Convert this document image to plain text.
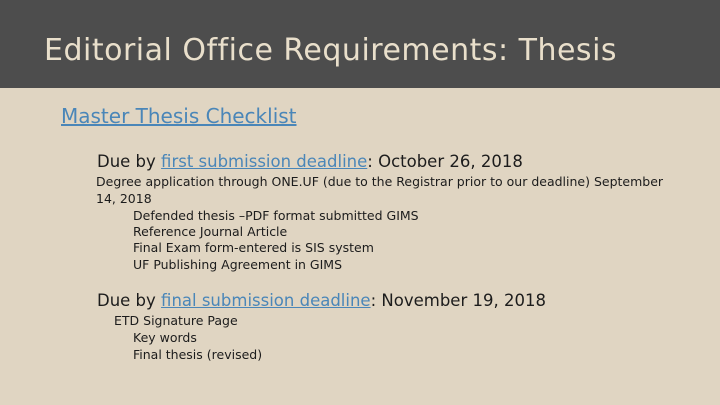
Editorial Office Requirements: Thesis
Master Thesis Checklist
Due by first submission deadline: October 26, 2018
Degree application through ONE.UF (due to the Registrar prior to our deadline) September
14, 2018
Defended thesis –PDF format submitted GIMS
Reference Journal Article
Final Exam form-entered is SIS system
UF Publishing Agreement in GIMS
Due by final submission deadline: November 19, 2018
ETD Signature Page
Key words
Final thesis (revised)
